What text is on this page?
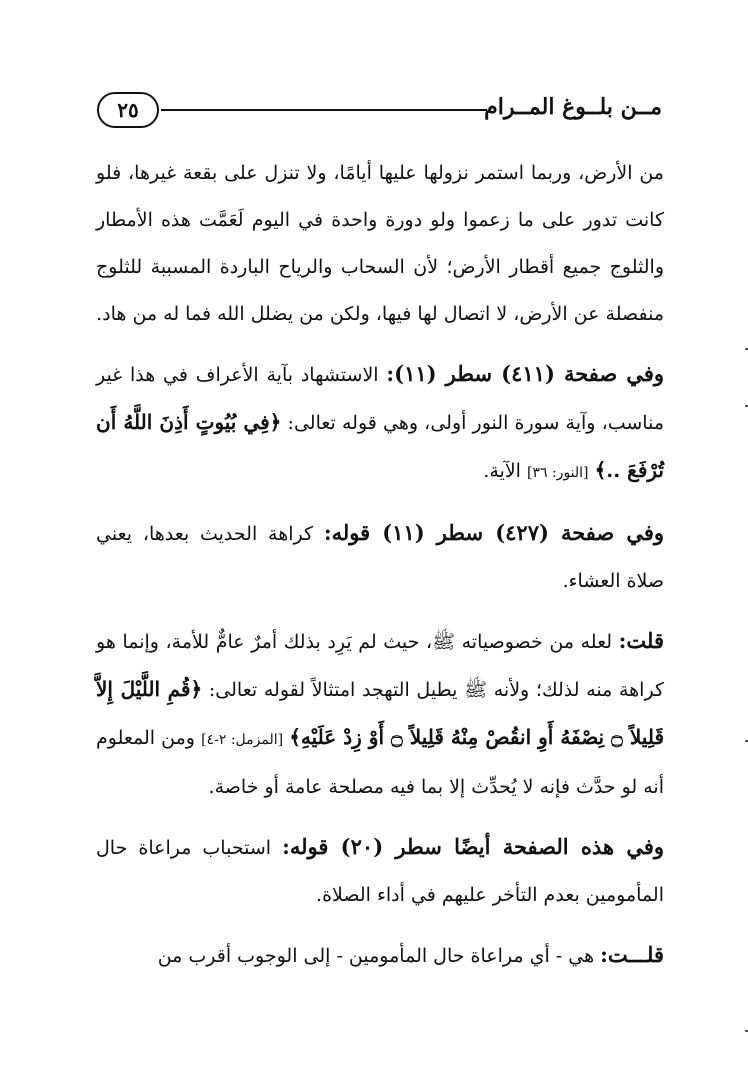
٢٥	مــن بلــوغ المــرام

من الأرض، وربما استمر نزولها عليها أيامًا، ولا تنزل على بقعة غيرها، فلو كانت تدور على ما زعموا ولو دورة واحدة في اليوم لَعَمَّت هذه الأمطار والثلوج جميع أقطار الأرض؛ لأن السحاب والرياح الباردة المسببة للثلوج منفصلة عن الأرض، لا اتصال لها فيها، ولكن من يضلل الله فما له من هاد.

وفي صفحة (٤١١) سطر (١١): الاستشهاد بآية الأعراف في هذا غير مناسب، وآية سورة النور أولى، وهي قوله تعالى: ﴿فِي بُيُوتٍ أَذِنَ اللَّهُ أَن تُرْفَعَ ..﴾ [النور: ٣٦] الآية.

وفي صفحة (٤٢٧) سطر (١١) قوله: كراهة الحديث بعدها، يعني صلاة العشاء.

قلت: لعله من خصوصياته ﷺ، حيث لم يَرِد بذلك أمرٌ عامٌّ للأمة، وإنما هو كراهة منه لذلك؛ ولأنه ﷺ يطيل التهجد امتثالاً لقوله تعالى: ﴿قُمِ اللَّيْلَ إِلاَّ قَلِيلاً ۝ نِصْفَهُ أَوِ انقُصْ مِنْهُ قَلِيلاً ۝ أَوْ زِدْ عَلَيْهِ﴾ [المزمل: ٢-٤] ومن المعلوم أنه لو حدَّث فإنه لا يُحدِّث إلا بما فيه مصلحة عامة أو خاصة.

وفي هذه الصفحة أيضًا سطر (٢٠) قوله: استحباب مراعاة حال المأمومين بعدم التأخر عليهم في أداء الصلاة.

قلـــت: هي - أي مراعاة حال المأمومين - إلى الوجوب أقرب من
